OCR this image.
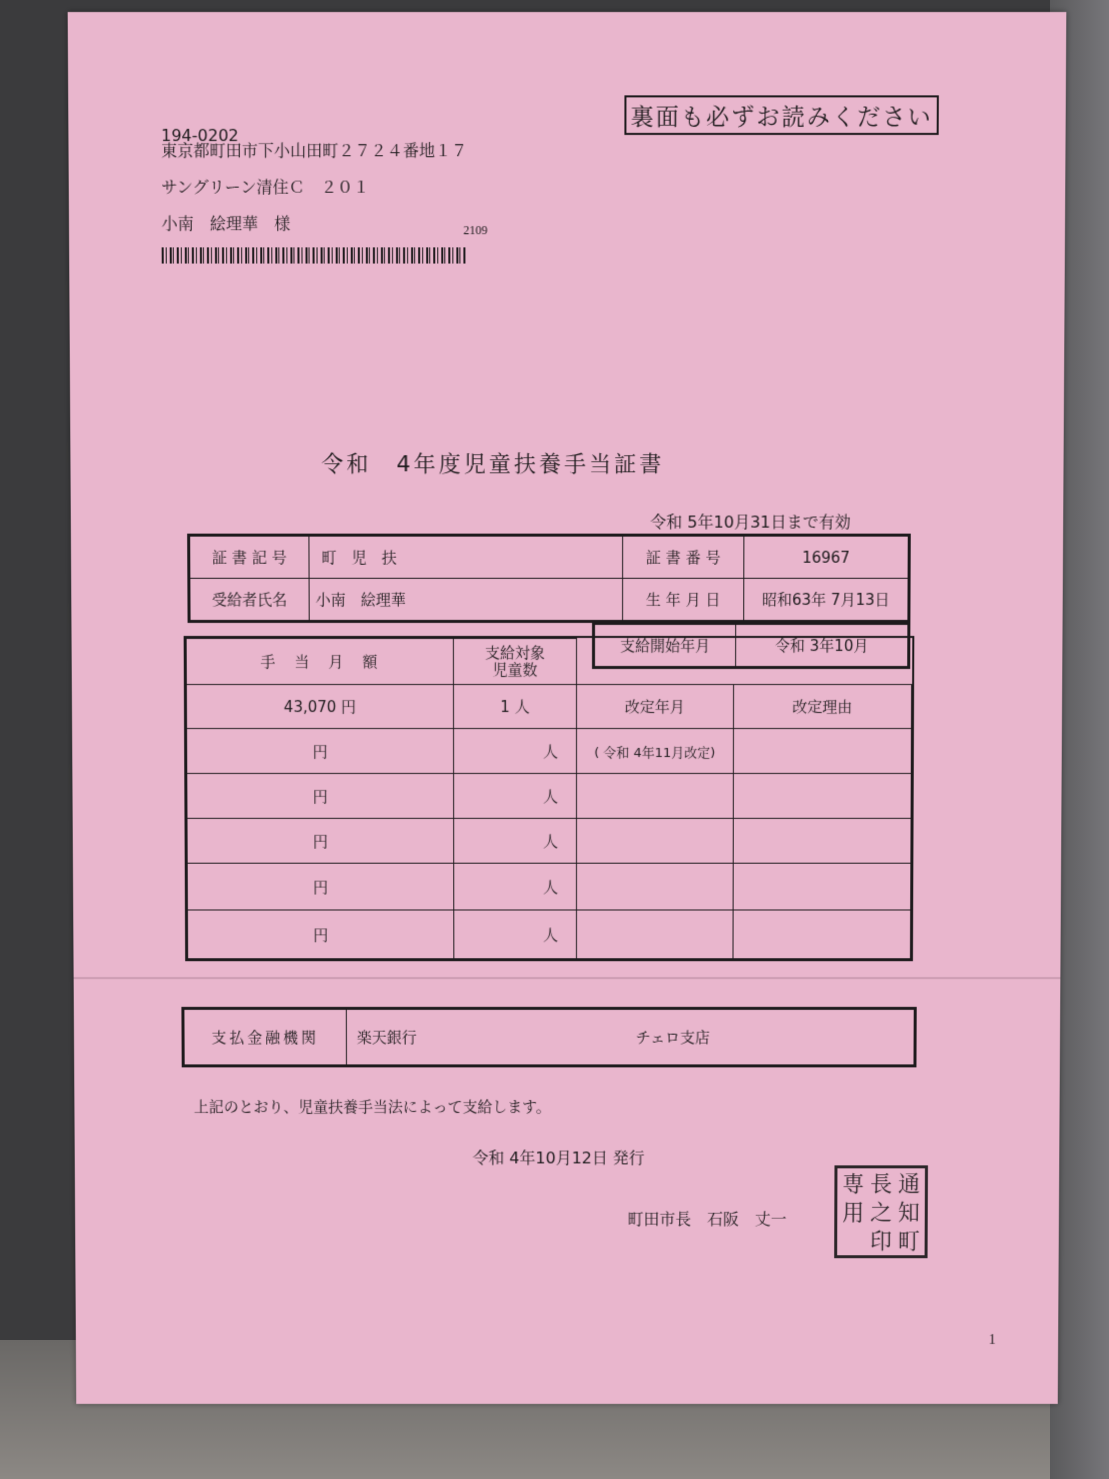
裏面も必ずお読みください
194-0202
東京都町田市下小山田町２７２４番地１７
サングリーン清住Ｃ　２０１
小南　絵理華　様	2109
令和　4年度児童扶養手当証書
令和 5年10月31日まで有効
証 書 記 号	町　児　扶	証 書 番 号	16967
受給者氏名	小南　絵理華	生 年 月 日	昭和63年 7月13日
支給開始年月	令和 3年10月
手　当　月　額	支給対象
児童数		
43,070 円	1 人	改定年月	改定理由
円	人	( 令和 4年11月改定)	
円	人		
円	人		
円	人		
円	人		
支払金融機関	楽天銀行	チェロ支店
上記のとおり、児童扶養手当法によって支給します。
令和 4年10月12日 発行
町田市長　石阪　丈一
専 長 通
用 之 知
印 町
1
